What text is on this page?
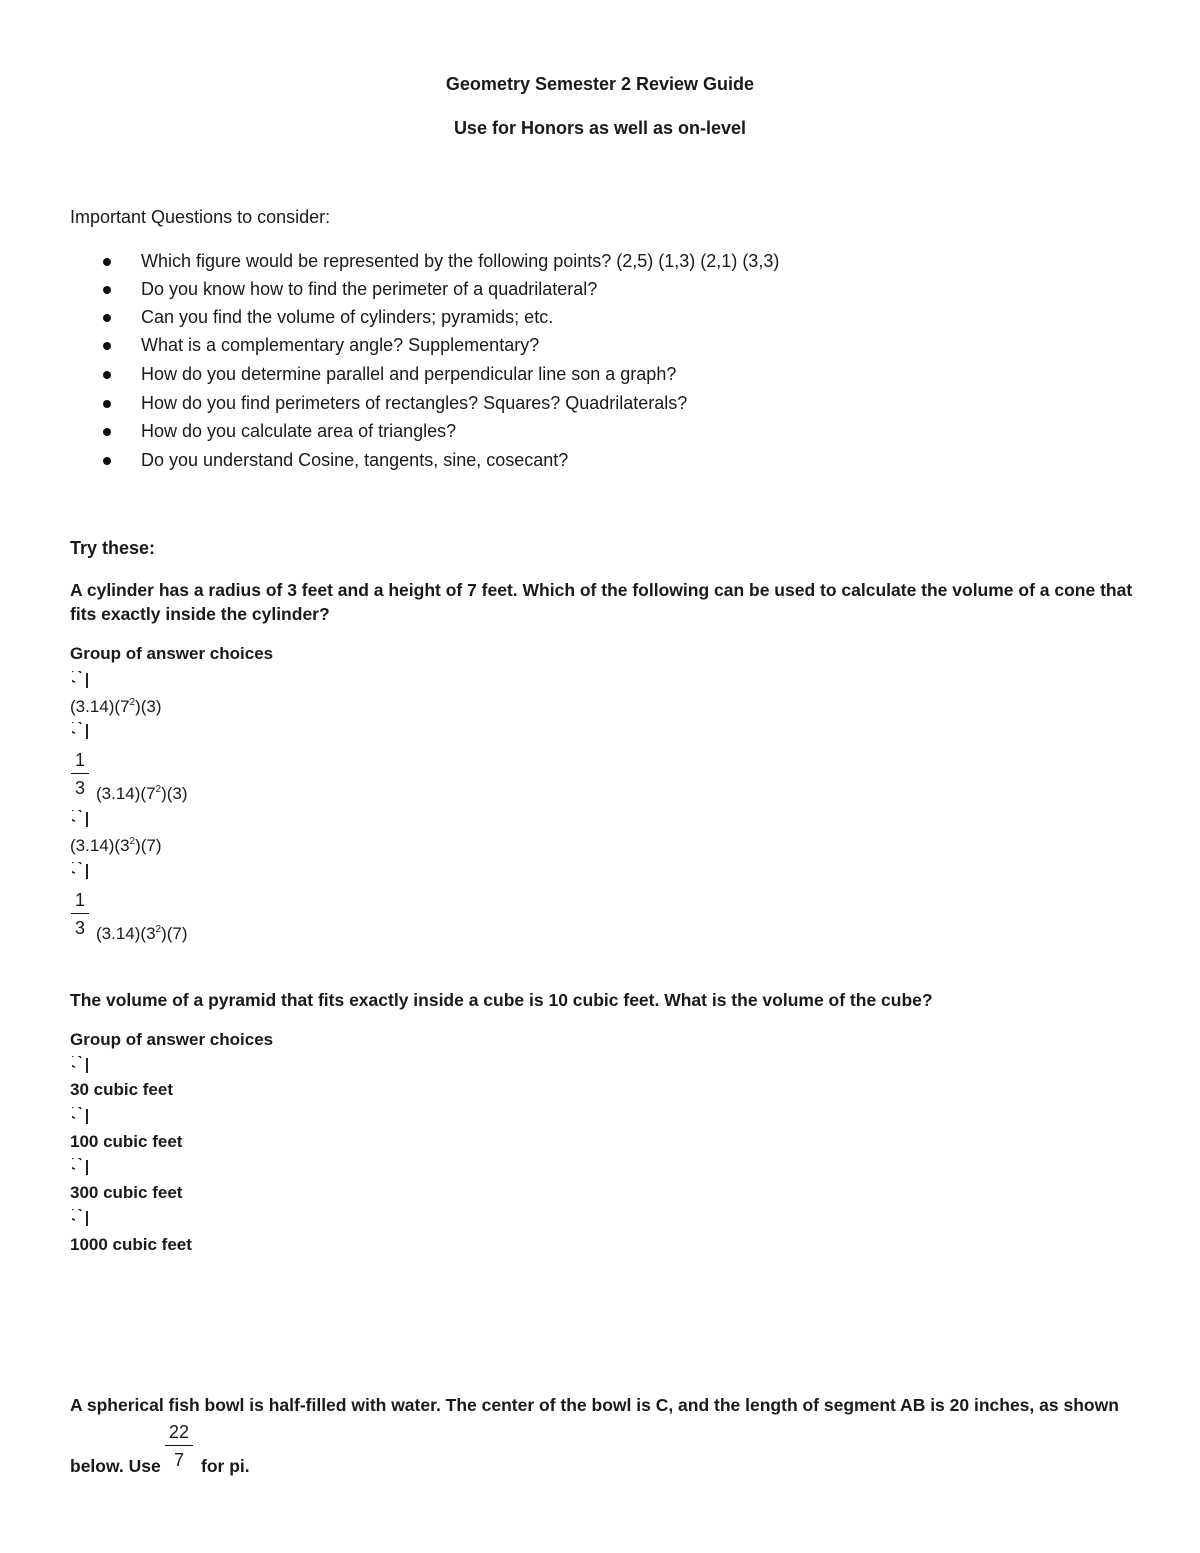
Geometry Semester 2 Review Guide
Use for Honors as well as on-level
Important Questions to consider:
Which figure would be represented by the following points? (2,5) (1,3) (2,1) (3,3)
Do you know how to find the perimeter of a quadrilateral?
Can you find the volume of cylinders; pyramids; etc.
What is a complementary angle? Supplementary?
How do you determine parallel and perpendicular line son a graph?
How do you find perimeters of rectangles? Squares? Quadrilaterals?
How do you calculate area of triangles?
Do you understand Cosine, tangents, sine, cosecant?
Try these:
A cylinder has a radius of 3 feet and a height of 7 feet. Which of the following can be used to calculate the volume of a cone that
fits exactly inside the cylinder?
Group of answer choices
$(3.14)(7^2)(3)$
1
3 $(3.14)(7^2)(3)$
$(3.14)(3^2)(7)$
1
3 $(3.14)(3^2)(7)$
The volume of a pyramid that fits exactly inside a cube is 10 cubic feet. What is the volume of the cube?
Group of answer choices
30 cubic feet
100 cubic feet
300 cubic feet
1000 cubic feet
A spherical fish bowl is half-filled with water. The center of the bowl is C, and the length of segment AB is 20 inches, as shown
below. Use
22
7 for pi.
